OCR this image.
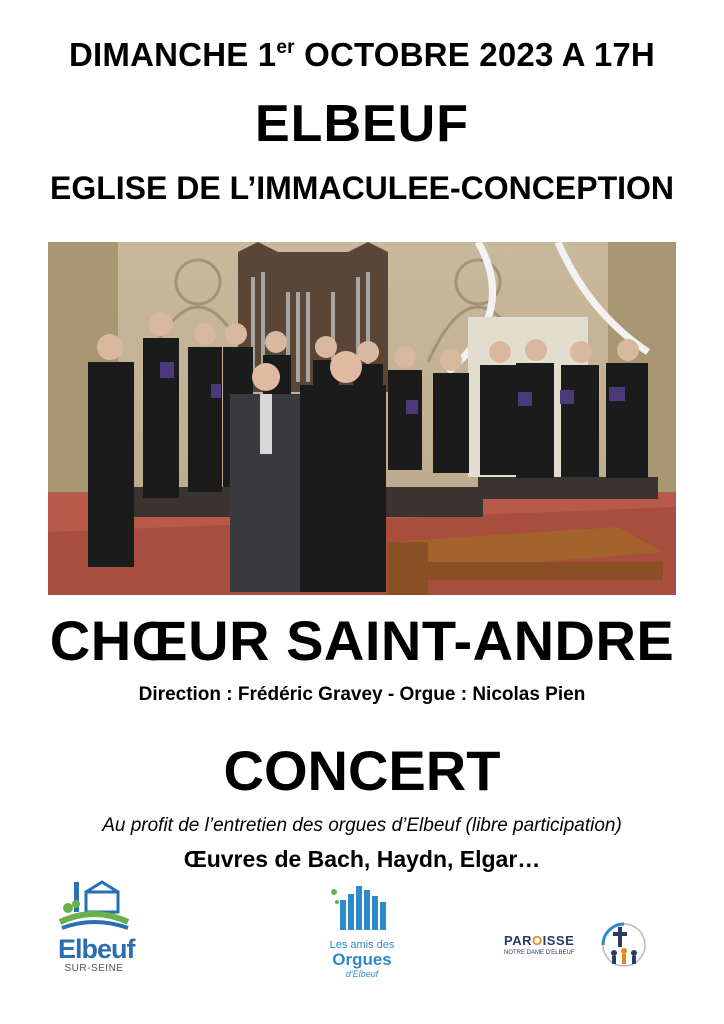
DIMANCHE 1er OCTOBRE 2023 A 17H
ELBEUF
EGLISE DE L’IMMACULEE-CONCEPTION
CHŒUR SAINT-ANDRE
Direction : Frédéric Gravey - Orgue : Nicolas Pien
CONCERT
Au profit de l’entretien des orgues d’Elbeuf (libre participation)
Œuvres de Bach, Haydn, Elgar…
Elbeuf
SUR-SEINE
Les amis des
Orgues
d'Elbeuf
PAROISSE
NOTRE DAME D'ELBEUF
